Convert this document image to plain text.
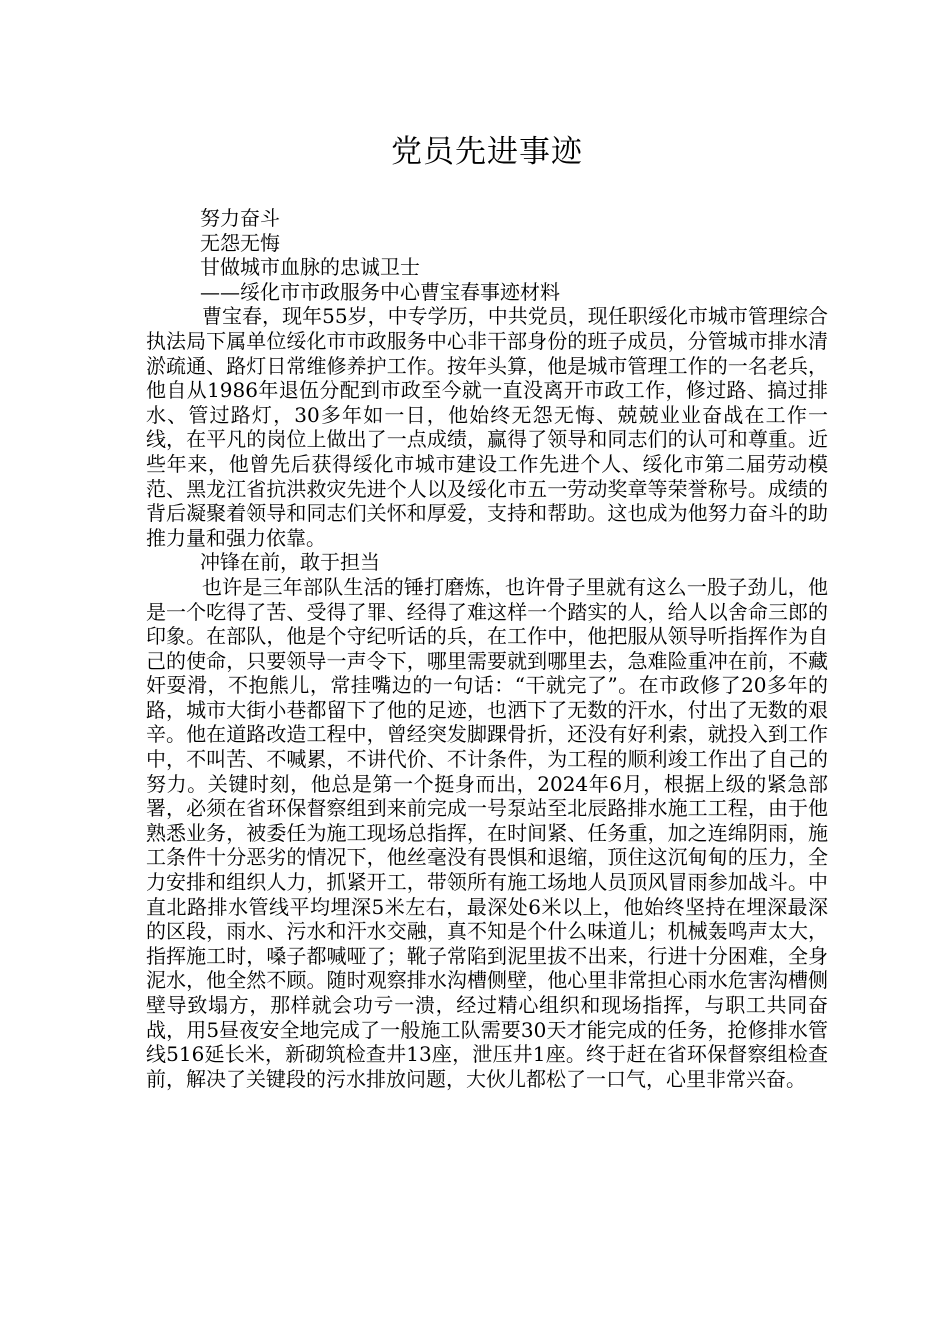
党员先进事迹

努力奋斗

无怨无悔

甘做城市血脉的忠诚卫士

——绥化市市政服务中心曹宝春事迹材料

曹宝春，现年55岁，中专学历，中共党员，现任职绥化市城市管理综合执法局下属单位绥化市市政服务中心非干部身份的班子成员，分管城市排水清淤疏通、路灯日常维修养护工作。按年头算，他是城市管理工作的一名老兵，他自从1986年退伍分配到市政至今就一直没离开市政工作，修过路、搞过排水、管过路灯，30多年如一日，他始终无怨无悔、兢兢业业奋战在工作一线，在平凡的岗位上做出了一点成绩，赢得了领导和同志们的认可和尊重。近些年来，他曾先后获得绥化市城市建设工作先进个人、绥化市第二届劳动模范、黑龙江省抗洪救灾先进个人以及绥化市五一劳动奖章等荣誉称号。成绩的背后凝聚着领导和同志们关怀和厚爱，支持和帮助。这也成为他努力奋斗的助推力量和强力依靠。

冲锋在前，敢于担当

也许是三年部队生活的锤打磨炼，也许骨子里就有这么一股子劲儿，他是一个吃得了苦、受得了罪、经得了难这样一个踏实的人，给人以舍命三郎的印象。在部队，他是个守纪听话的兵，在工作中，他把服从领导听指挥作为自己的使命，只要领导一声令下，哪里需要就到哪里去，急难险重冲在前，不藏奸耍滑，不抱熊儿，常挂嘴边的一句话：“干就完了”。在市政修了20多年的路，城市大街小巷都留下了他的足迹，也洒下了无数的汗水，付出了无数的艰辛。他在道路改造工程中，曾经突发脚踝骨折，还没有好利索，就投入到工作中，不叫苦、不喊累，不讲代价、不计条件，为工程的顺利竣工作出了自己的努力。关键时刻，他总是第一个挺身而出，2024年6月，根据上级的紧急部署，必须在省环保督察组到来前完成一号泵站至北辰路排水施工工程，由于他熟悉业务，被委任为施工现场总指挥，在时间紧、任务重，加之连绵阴雨，施工条件十分恶劣的情况下，他丝毫没有畏惧和退缩，顶住这沉甸甸的压力，全力安排和组织人力，抓紧开工，带领所有施工场地人员顶风冒雨参加战斗。中直北路排水管线平均埋深5米左右，最深处6米以上，他始终坚持在埋深最深的区段，雨水、污水和汗水交融，真不知是个什么味道儿；机械轰鸣声太大，指挥施工时，嗓子都喊哑了；靴子常陷到泥里拔不出来，行进十分困难，全身泥水，他全然不顾。随时观察排水沟槽侧壁，他心里非常担心雨水危害沟槽侧壁导致塌方，那样就会功亏一溃，经过精心组织和现场指挥，与职工共同奋战，用5昼夜安全地完成了一般施工队需要30天才能完成的任务，抢修排水管线516延长米，新砌筑检查井13座，泄压井1座。终于赶在省环保督察组检查前，解决了关键段的污水排放问题，大伙儿都松了一口气，心里非常兴奋。
